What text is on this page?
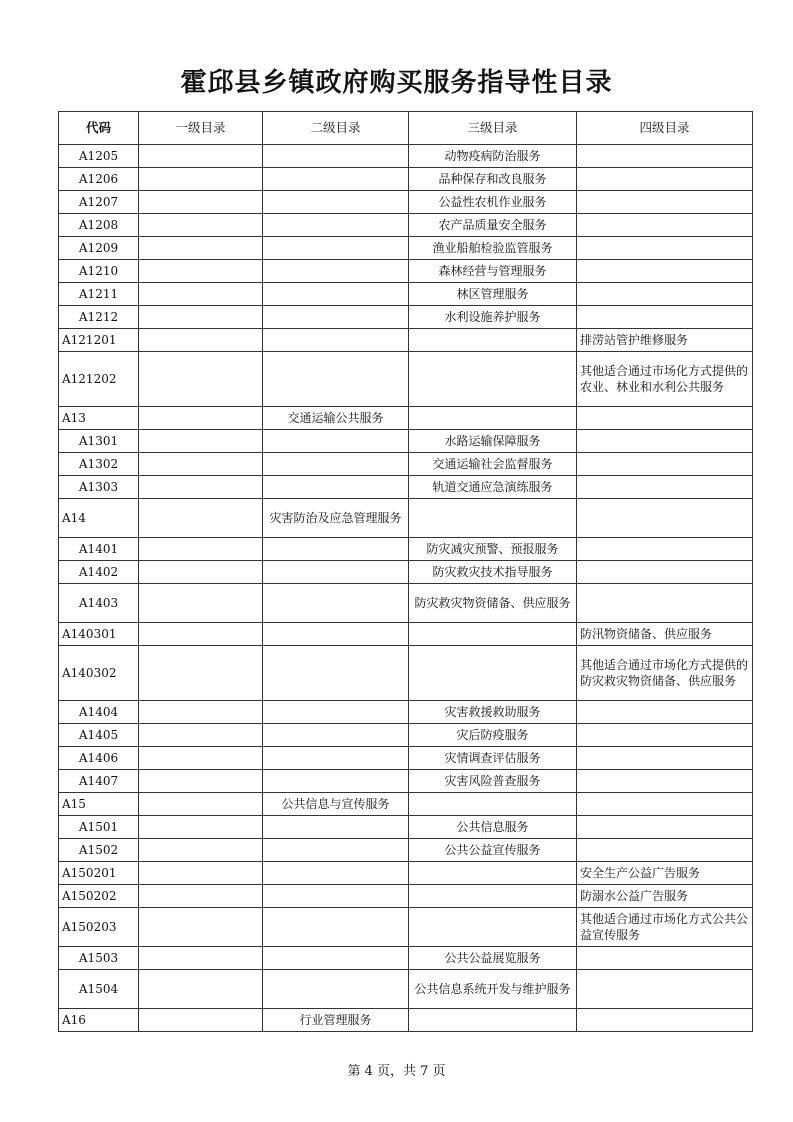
霍邱县乡镇政府购买服务指导性目录
代码	一级目录	二级目录	三级目录	四级目录
A1205			动物疫病防治服务	
A1206			品种保存和改良服务	
A1207			公益性农机作业服务	
A1208			农产品质量安全服务	
A1209			渔业船舶检验监管服务	
A1210			森林经营与管理服务	
A1211			林区管理服务	
A1212			水利设施养护服务	
A121201				排涝站管护维修服务
A121202				其他适合通过市场化方式提供的农业、林业和水利公共服务
A13		交通运输公共服务		
A1301			水路运输保障服务	
A1302			交通运输社会监督服务	
A1303			轨道交通应急演练服务	
A14		灾害防治及应急管理服务		
A1401			防灾减灾预警、预报服务	
A1402			防灾救灾技术指导服务	
A1403			防灾救灾物资储备、供应服务	
A140301				防汛物资储备、供应服务
A140302				其他适合通过市场化方式提供的防灾救灾物资储备、供应服务
A1404			灾害救援救助服务	
A1405			灾后防疫服务	
A1406			灾情调查评估服务	
A1407			灾害风险普查服务	
A15		公共信息与宣传服务		
A1501			公共信息服务	
A1502			公共公益宣传服务	
A150201				安全生产公益广告服务
A150202				防溺水公益广告服务
A150203				其他适合通过市场化方式公共公益宣传服务
A1503			公共公益展览服务	
A1504			公共信息系统开发与维护服务	
A16		行业管理服务		
第 4 页，共 7 页
